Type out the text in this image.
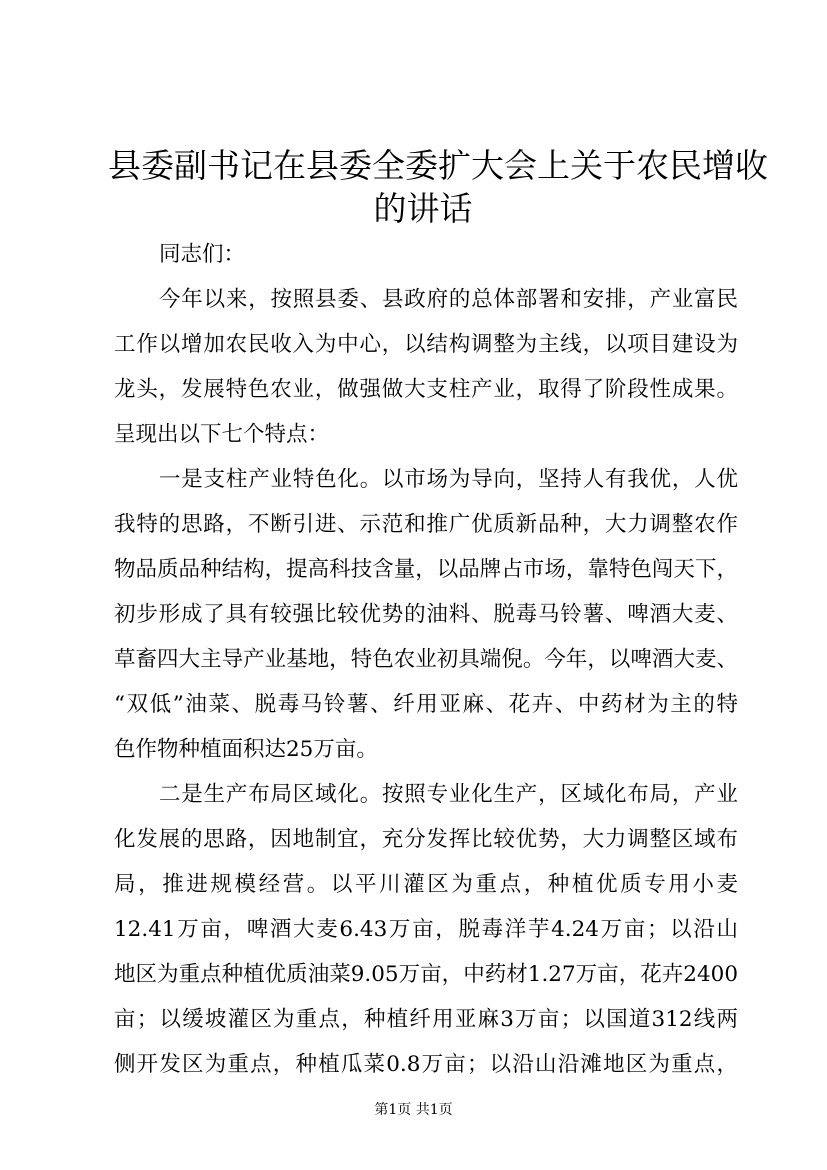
县委副书记在县委全委扩大会上关于农民增收
的讲话
同志们：
今年以来，按照县委、县政府的总体部署和安排，产业富民
工作以增加农民收入为中心，以结构调整为主线，以项目建设为
龙头，发展特色农业，做强做大支柱产业，取得了阶段性成果。
呈现出以下七个特点：
一是支柱产业特色化。以市场为导向，坚持人有我优，人优
我特的思路，不断引进、示范和推广优质新品种，大力调整农作
物品质品种结构，提高科技含量，以品牌占市场，靠特色闯天下，
初步形成了具有较强比较优势的油料、脱毒马铃薯、啤酒大麦、
草畜四大主导产业基地，特色农业初具端倪。今年，以啤酒大麦、
“双低”油菜、脱毒马铃薯、纤用亚麻、花卉、中药材为主的特
色作物种植面积达25万亩。
二是生产布局区域化。按照专业化生产，区域化布局，产业
化发展的思路，因地制宜，充分发挥比较优势，大力调整区域布
局，推进规模经营。以平川灌区为重点，种植优质专用小麦
12.41万亩，啤酒大麦6.43万亩，脱毒洋芋4.24万亩；以沿山
地区为重点种植优质油菜9.05万亩，中药材1.27万亩，花卉2400
亩；以缓坡灌区为重点，种植纤用亚麻3万亩；以国道312线两
侧开发区为重点，种植瓜菜0.8万亩；以沿山沿滩地区为重点，
第1页 共1页
